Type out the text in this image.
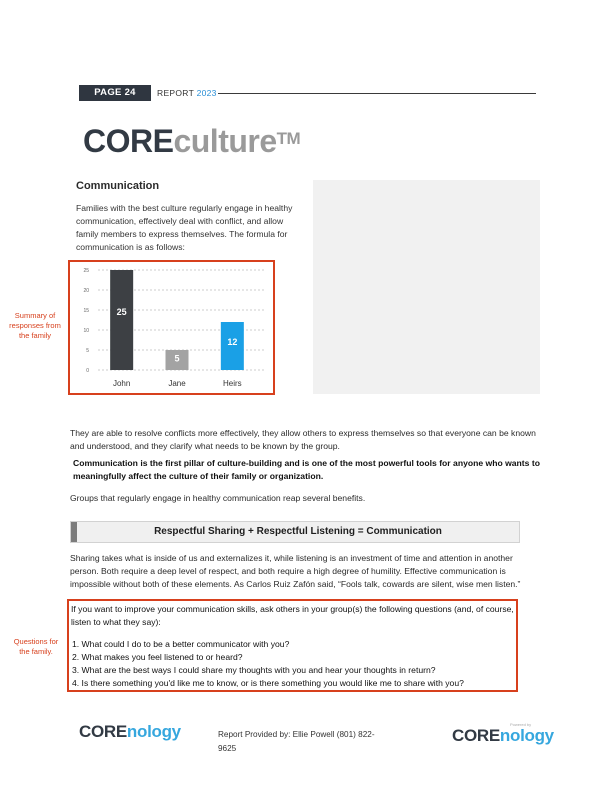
PAGE 24	REPORT 2023
COREculture™
Communication
Families with the best culture regularly engage in healthy communication, effectively deal with conflict, and allow family members to express themselves. The formula for communication is as follows:
Summary of responses from the family
0
5
10
15
20
25
25
John
5
Jane
12
Heirs
They are able to resolve conflicts more effectively, they allow others to express themselves so that everyone can be known and understood, and they clarify what needs to be known by the group.
Communication is the first pillar of culture-building and is one of the most powerful tools for anyone who wants to meaningfully affect the culture of their family or organization.
Groups that regularly engage in healthy communication reap several benefits.
Respectful Sharing + Respectful Listening = Communication
Sharing takes what is inside of us and externalizes it, while listening is an investment of time and attention in another person. Both require a deep level of respect, and both require a high degree of humility. Effective communication is impossible without both of these elements. As Carlos Ruiz Zafón said, “Fools talk, cowards are silent, wise men listen.”
Questions for the family.
If you want to improve your communication skills, ask others in your group(s) the following questions (and, of course, listen to what they say):
1. What could I do to be a better communicator with you?
2. What makes you feel listened to or heard?
3. What are the best ways I could share my thoughts with you and hear your thoughts in return?
4. Is there something you'd like me to know, or is there something you would like me to share with you?
COREnology	Report Provided by: Ellie Powell (801) 822-9625
Powered by
COREnology
